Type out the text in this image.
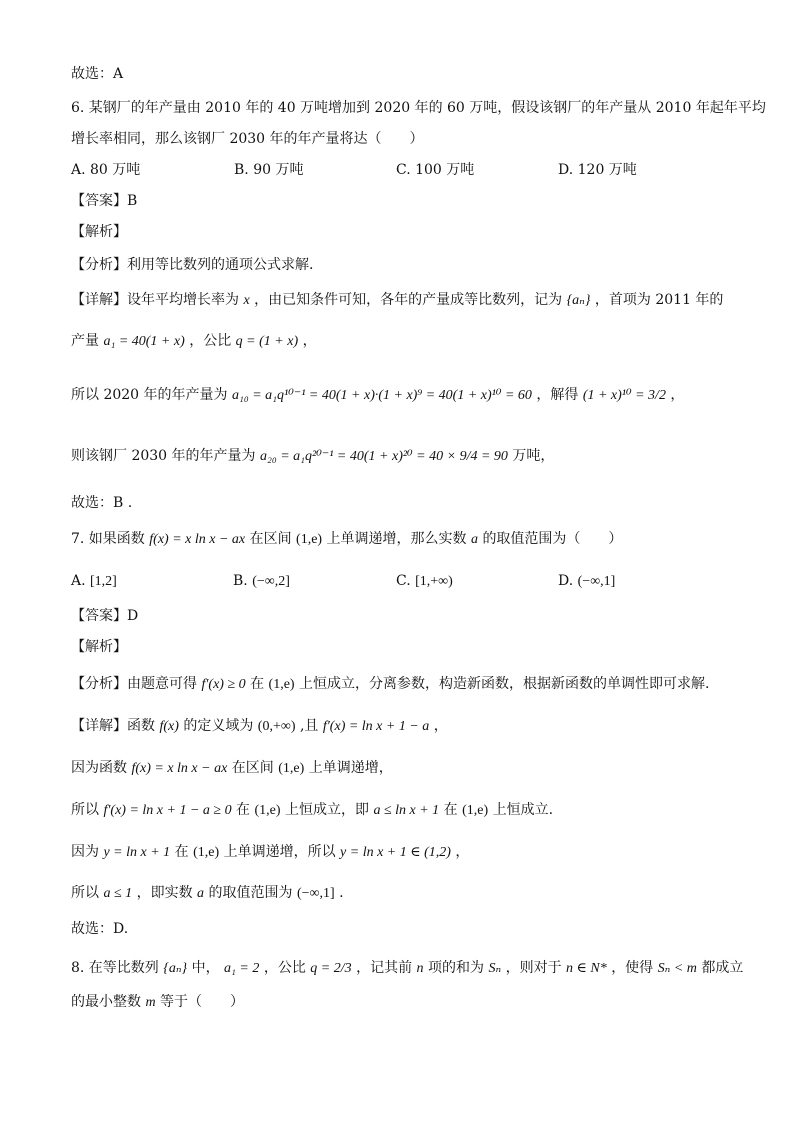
故选：A
6. 某钢厂的年产量由 2010 年的 40 万吨增加到 2020 年的 60 万吨，假设该钢厂的年产量从 2010 年起年平均
增长率相同，那么该钢厂 2030 年的年产量将达（　　）
A. 80 万吨	B. 90 万吨	C. 100 万吨	D. 120 万吨
【答案】B
【解析】
【分析】利用等比数列的通项公式求解.
【详解】设年平均增长率为 x ，由已知条件可知，各年的产量成等比数列，记为 {aₙ} ，首项为 2011 年的
产量 a₁ = 40(1 + x) ，公比 q = (1 + x) ，
所以 2020 年的年产量为 a₁₀ = a₁q¹⁰⁻¹ = 40(1 + x)·(1 + x)⁹ = 40(1 + x)¹⁰ = 60 ，解得 (1 + x)¹⁰ = 3/2 ，
则该钢厂 2030 年的年产量为 a₂₀ = a₁q²⁰⁻¹ = 40(1 + x)²⁰ = 40 × 9/4 = 90 万吨，
故选：B .
7. 如果函数 f(x) = x ln x − ax 在区间 (1,e) 上单调递增，那么实数 a 的取值范围为（　　）
A. [1,2]	B. (−∞,2]	C. [1,+∞)	D. (−∞,1]
【答案】D
【解析】
【分析】由题意可得 f′(x) ≥ 0 在 (1,e) 上恒成立，分离参数，构造新函数，根据新函数的单调性即可求解.
【详解】函数 f(x) 的定义域为 (0,+∞) ,且 f′(x) = ln x + 1 − a ，
因为函数 f(x) = x ln x − ax 在区间 (1,e) 上单调递增，
所以 f′(x) = ln x + 1 − a ≥ 0 在 (1,e) 上恒成立，即 a ≤ ln x + 1 在 (1,e) 上恒成立.
因为 y = ln x + 1 在 (1,e) 上单调递增，所以 y = ln x + 1 ∈ (1,2) ，
所以 a ≤ 1 ，即实数 a 的取值范围为 (−∞,1] .
故选：D.
8. 在等比数列 {aₙ} 中， a₁ = 2 ，公比 q = 2/3 ，记其前 n 项的和为 Sₙ ，则对于 n ∈ N* ，使得 Sₙ < m 都成立
的最小整数 m 等于（　　）
